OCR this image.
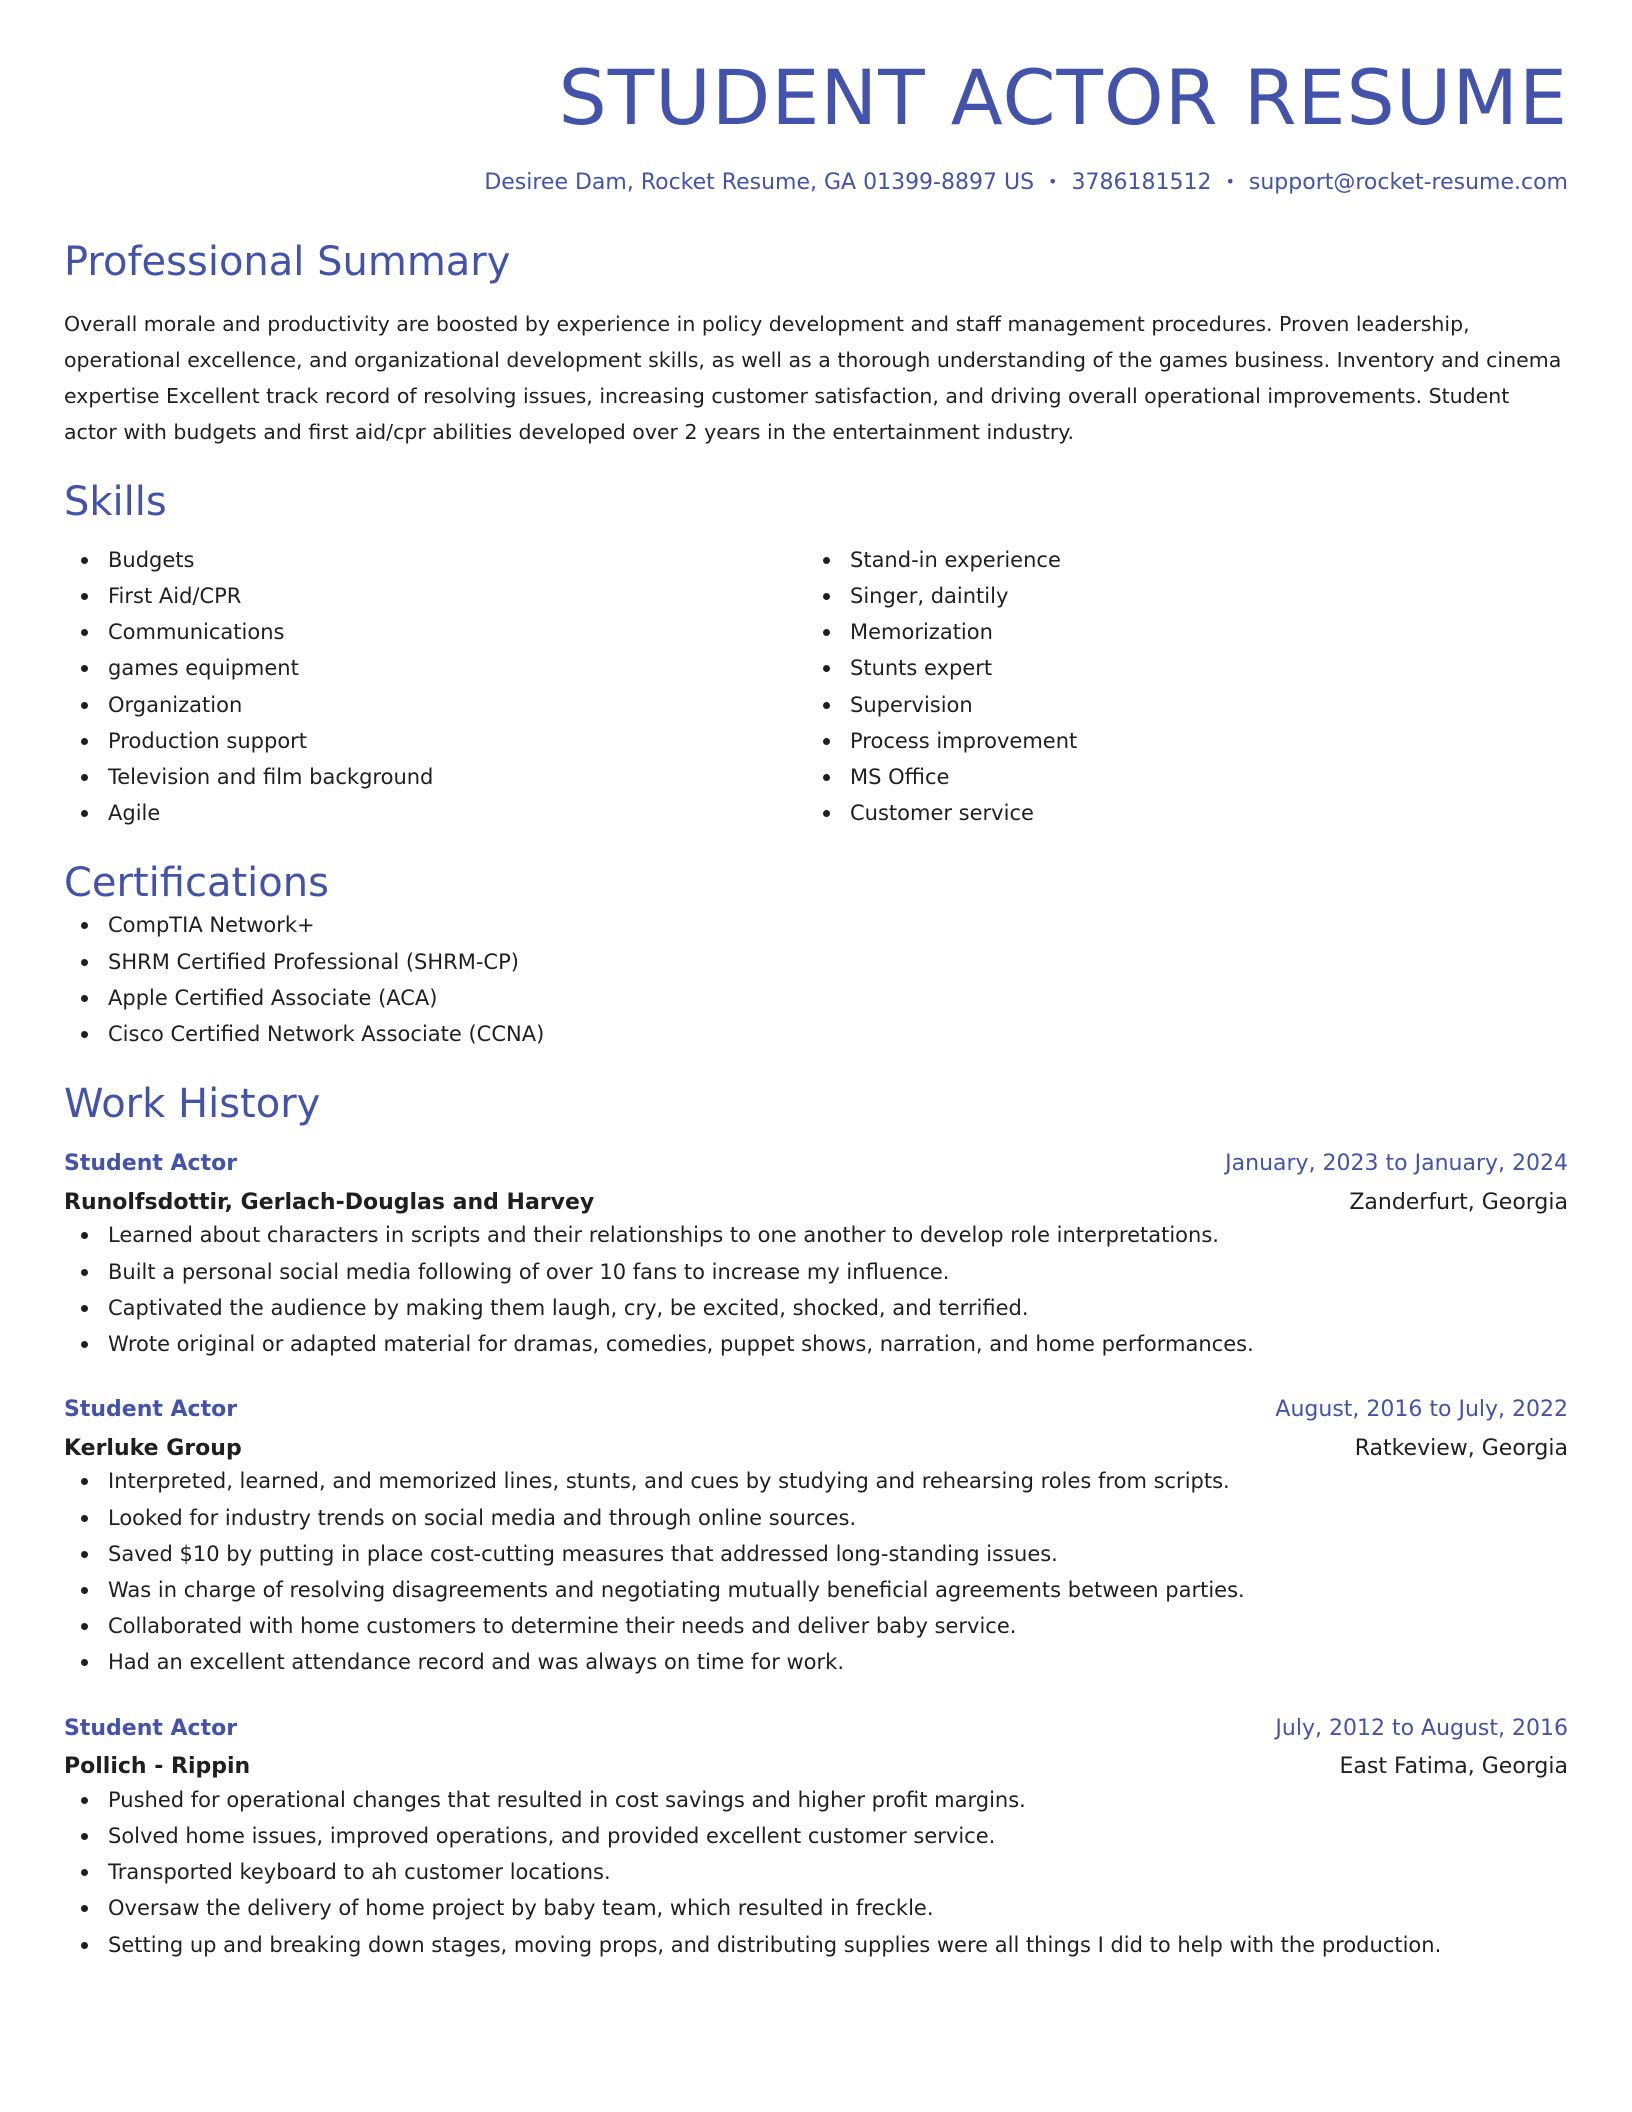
STUDENT ACTOR RESUME
Desiree Dam, Rocket Resume, GA 01399-8897 US • 3786181512 • support@rocket-resume.com
Professional Summary
Overall morale and productivity are boosted by experience in policy development and staff management procedures. Proven leadership, operational excellence, and organizational development skills, as well as a thorough understanding of the games business. Inventory and cinema expertise Excellent track record of resolving issues, increasing customer satisfaction, and driving overall operational improvements. Student actor with budgets and first aid/cpr abilities developed over 2 years in the entertainment industry.
Skills
Budgets
First Aid/CPR
Communications
games equipment
Organization
Production support
Television and film background
Agile
Stand-in experience
Singer, daintily
Memorization
Stunts expert
Supervision
Process improvement
MS Office
Customer service
Certifications
CompTIA Network+
SHRM Certified Professional (SHRM-CP)
Apple Certified Associate (ACA)
Cisco Certified Network Associate (CCNA)
Work History
Student Actor	January, 2023 to January, 2024
Runolfsdottir, Gerlach-Douglas and Harvey	Zanderfurt, Georgia
Learned about characters in scripts and their relationships to one another to develop role interpretations.
Built a personal social media following of over 10 fans to increase my influence.
Captivated the audience by making them laugh, cry, be excited, shocked, and terrified.
Wrote original or adapted material for dramas, comedies, puppet shows, narration, and home performances.
Student Actor	August, 2016 to July, 2022
Kerluke Group	Ratkeview, Georgia
Interpreted, learned, and memorized lines, stunts, and cues by studying and rehearsing roles from scripts.
Looked for industry trends on social media and through online sources.
Saved $10 by putting in place cost-cutting measures that addressed long-standing issues.
Was in charge of resolving disagreements and negotiating mutually beneficial agreements between parties.
Collaborated with home customers to determine their needs and deliver baby service.
Had an excellent attendance record and was always on time for work.
Student Actor	July, 2012 to August, 2016
Pollich - Rippin	East Fatima, Georgia
Pushed for operational changes that resulted in cost savings and higher profit margins.
Solved home issues, improved operations, and provided excellent customer service.
Transported keyboard to ah customer locations.
Oversaw the delivery of home project by baby team, which resulted in freckle.
Setting up and breaking down stages, moving props, and distributing supplies were all things I did to help with the production.
